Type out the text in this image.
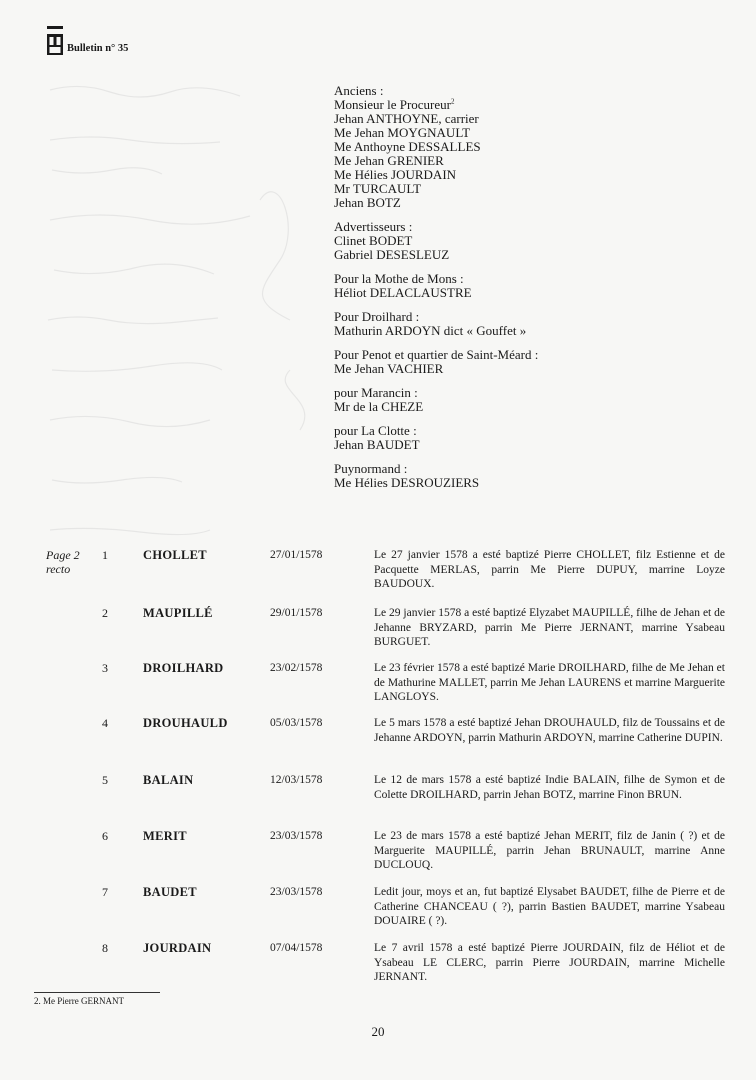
Bulletin n° 35
Anciens :
Monsieur le Procureur$^2$
Jehan ANTHOYNE, carrier
Me Jehan MOYGNAULT
Me Anthoyne DESSALLES
Me Jehan GRENIER
Me Hélies JOURDAIN
Mr TURCAULT
Jehan BOTZ
Advertisseurs :
Clinet BODET
Gabriel DESESLEUZ
Pour la Mothe de Mons :
Héliot DELACLAUSTRE
Pour Droilhard :
Mathurin ARDOYN dict « Gouffet »
Pour Penot et quartier de Saint-Méard :
Me Jehan VACHIER
pour Marancin :
Mr de la CHEZE
pour La Clotte :
Jehan BAUDET
Puynormand :
Me Hélies DESROUZIERS
Page 2
recto
1	CHOLLET	27/01/1578	Le 27 janvier 1578 a esté baptizé Pierre CHOLLET, filz Estienne et de Pacquette MERLAS, parrin Me Pierre DUPUY, marrine Loyze BAUDOUX.
2	MAUPILLÉ	29/01/1578	Le 29 janvier 1578 a esté baptizé Elyzabet MAUPILLÉ, filhe de Jehan et de Jehanne BRYZARD, parrin Me Pierre JERNANT, marrine Ysabeau BURGUET.
3	DROILHARD	23/02/1578	Le 23 février 1578 a esté baptizé Marie DROILHARD, filhe de Me Jehan et de Mathurine MALLET, parrin Me Jehan LAURENS et marrine Marguerite LANGLOYS.
4	DROUHAULD	05/03/1578	Le 5 mars 1578 a esté baptizé Jehan DROUHAULD, filz de Toussains et de Jehanne ARDOYN, parrin Mathurin ARDOYN, marrine Catherine DUPIN.
5	BALAIN	12/03/1578	Le 12 de mars 1578 a esté baptizé Indie BALAIN, filhe de Symon et de Colette DROILHARD, parrin Jehan BOTZ, marrine Finon BRUN.
6	MERIT	23/03/1578	Le 23 de mars 1578 a esté baptizé Jehan MERIT, filz de Janin ( ?) et de Marguerite MAUPILLÉ, parrin Jehan BRUNAULT, marrine Anne DUCLOUQ.
7	BAUDET	23/03/1578	Ledit jour, moys et an, fut baptizé Elysabet BAUDET, filhe de Pierre et de Catherine CHANCEAU ( ?), parrin Bastien BAUDET, marrine Ysabeau DOUAIRE ( ?).
8	JOURDAIN	07/04/1578	Le 7 avril 1578 a esté baptizé Pierre JOURDAIN, filz de Héliot et de Ysabeau LE CLERC, parrin Pierre JOURDAIN, marrine Michelle JERNANT.
2. Me Pierre GERNANT
20
